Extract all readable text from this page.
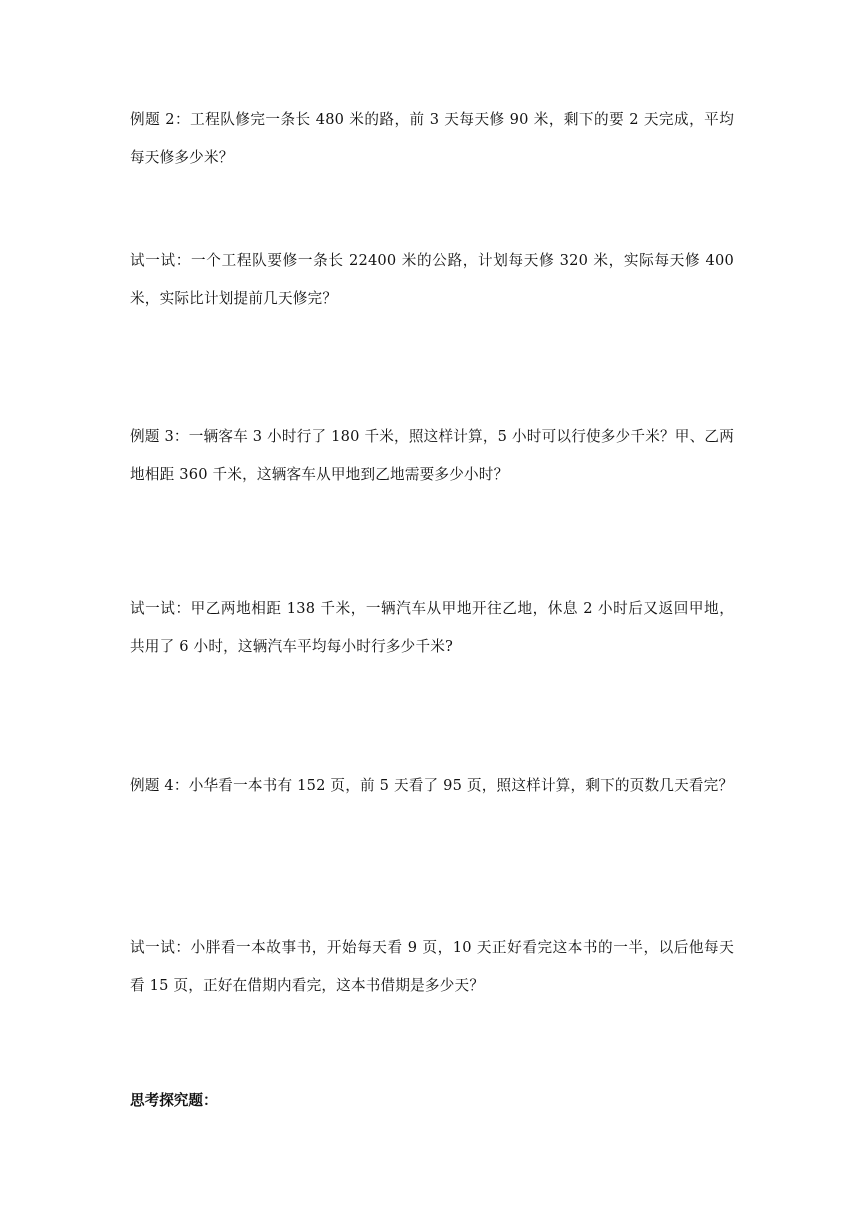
例题 2：工程队修完一条长 480 米的路，前 3 天每天修 90 米，剩下的要 2 天完成，平均每天修多少米？

试一试：一个工程队要修一条长 22400 米的公路，计划每天修 320 米，实际每天修 400 米，实际比计划提前几天修完？

例题 3：一辆客车 3 小时行了 180 千米，照这样计算，5 小时可以行使多少千米？甲、乙两地相距 360 千米，这辆客车从甲地到乙地需要多少小时？

试一试：甲乙两地相距 138 千米，一辆汽车从甲地开往乙地，休息 2 小时后又返回甲地，共用了 6 小时，这辆汽车平均每小时行多少千米?

例题 4：小华看一本书有 152 页，前 5 天看了 95 页，照这样计算，剩下的页数几天看完？

试一试：小胖看一本故事书，开始每天看 9 页，10 天正好看完这本书的一半，以后他每天看 15 页，正好在借期内看完，这本书借期是多少天？

思考探究题：
